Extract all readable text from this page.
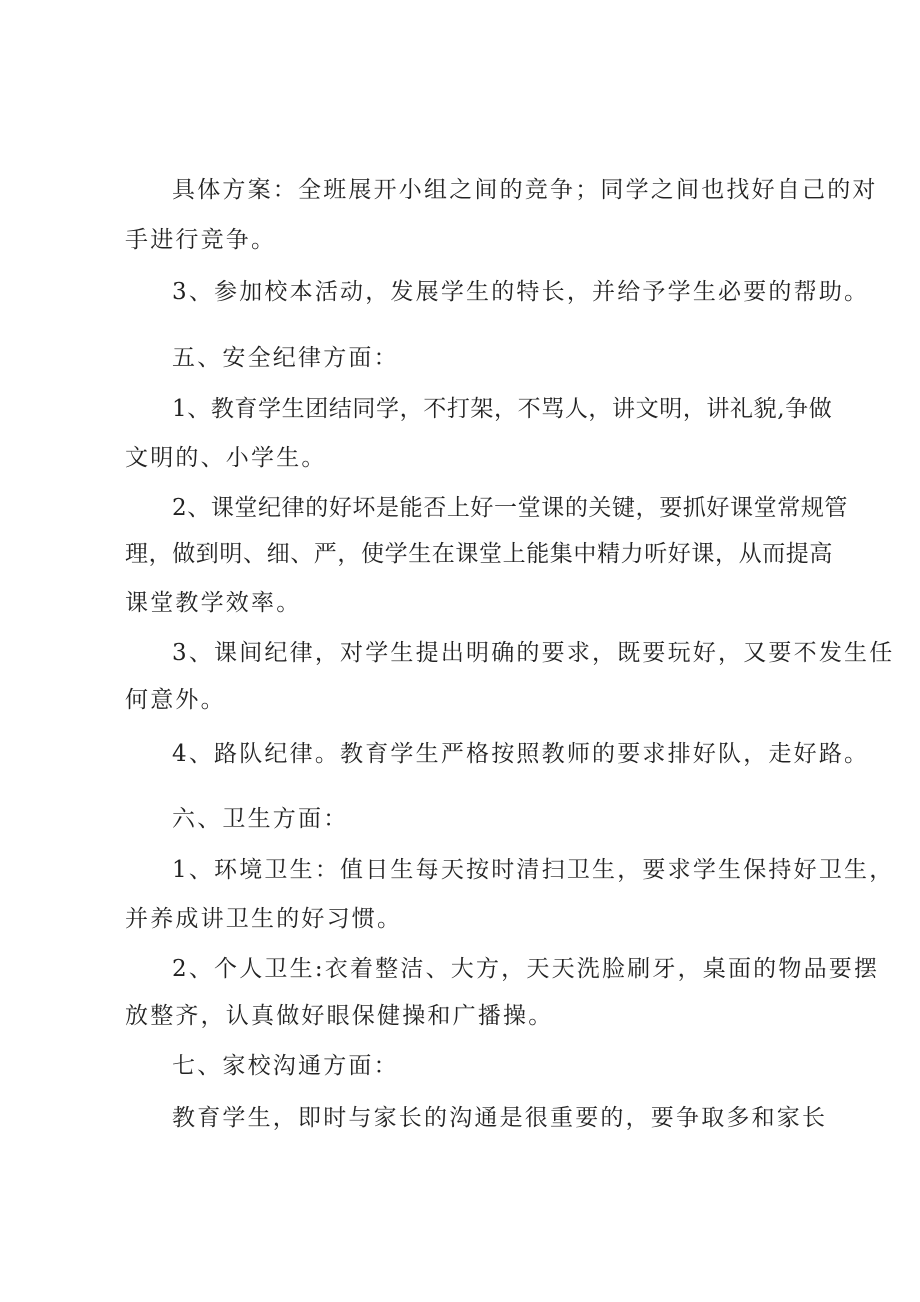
具体方案：全班展开小组之间的竞争；同学之间也找好自己的对
手进行竞争。
3、参加校本活动，发展学生的特长，并给予学生必要的帮助。
五、安全纪律方面：
1、教育学生团结同学，不打架，不骂人，讲文明，讲礼貌,争做
文明的、小学生。
2、课堂纪律的好坏是能否上好一堂课的关键，要抓好课堂常规管
理，做到明、细、严，使学生在课堂上能集中精力听好课，从而提高
课堂教学效率。
3、课间纪律，对学生提出明确的要求，既要玩好，又要不发生任
何意外。
4、路队纪律。教育学生严格按照教师的要求排好队，走好路。
六、卫生方面：
1、环境卫生：值日生每天按时清扫卫生，要求学生保持好卫生，
并养成讲卫生的好习惯。
2、个人卫生:衣着整洁、大方，天天洗脸刷牙，桌面的物品要摆
放整齐，认真做好眼保健操和广播操。
七、家校沟通方面：
教育学生，即时与家长的沟通是很重要的，要争取多和家长
